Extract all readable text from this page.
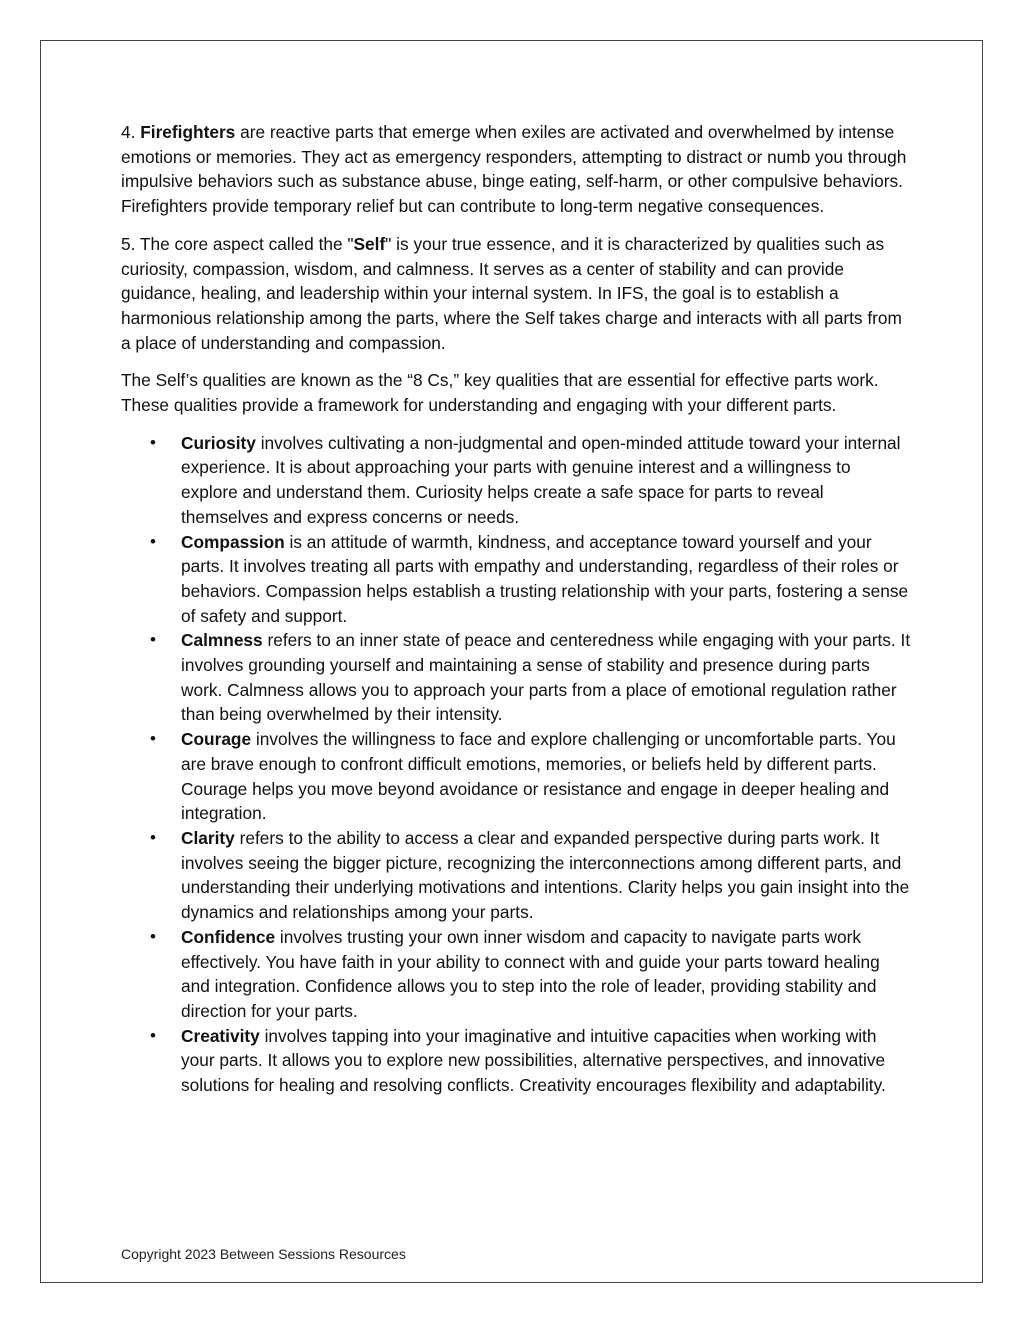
4. Firefighters are reactive parts that emerge when exiles are activated and overwhelmed by intense emotions or memories. They act as emergency responders, attempting to distract or numb you through impulsive behaviors such as substance abuse, binge eating, self-harm, or other compulsive behaviors. Firefighters provide temporary relief but can contribute to long-term negative consequences.

5. The core aspect called the "Self" is your true essence, and it is characterized by qualities such as curiosity, compassion, wisdom, and calmness. It serves as a center of stability and can provide guidance, healing, and leadership within your internal system. In IFS, the goal is to establish a harmonious relationship among the parts, where the Self takes charge and interacts with all parts from a place of understanding and compassion.

The Self’s qualities are known as the “8 Cs,” key qualities that are essential for effective parts work. These qualities provide a framework for understanding and engaging with your different parts.

• Curiosity involves cultivating a non-judgmental and open-minded attitude toward your internal experience. It is about approaching your parts with genuine interest and a willingness to explore and understand them. Curiosity helps create a safe space for parts to reveal themselves and express concerns or needs.
• Compassion is an attitude of warmth, kindness, and acceptance toward yourself and your parts. It involves treating all parts with empathy and understanding, regardless of their roles or behaviors. Compassion helps establish a trusting relationship with your parts, fostering a sense of safety and support.
• Calmness refers to an inner state of peace and centeredness while engaging with your parts. It involves grounding yourself and maintaining a sense of stability and presence during parts work. Calmness allows you to approach your parts from a place of emotional regulation rather than being overwhelmed by their intensity.
• Courage involves the willingness to face and explore challenging or uncomfortable parts. You are brave enough to confront difficult emotions, memories, or beliefs held by different parts. Courage helps you move beyond avoidance or resistance and engage in deeper healing and integration.
• Clarity refers to the ability to access a clear and expanded perspective during parts work. It involves seeing the bigger picture, recognizing the interconnections among different parts, and understanding their underlying motivations and intentions. Clarity helps you gain insight into the dynamics and relationships among your parts.
• Confidence involves trusting your own inner wisdom and capacity to navigate parts work effectively. You have faith in your ability to connect with and guide your parts toward healing and integration. Confidence allows you to step into the role of leader, providing stability and direction for your parts.
• Creativity involves tapping into your imaginative and intuitive capacities when working with your parts. It allows you to explore new possibilities, alternative perspectives, and innovative solutions for healing and resolving conflicts. Creativity encourages flexibility and adaptability.
Copyright 2023 Between Sessions Resources
